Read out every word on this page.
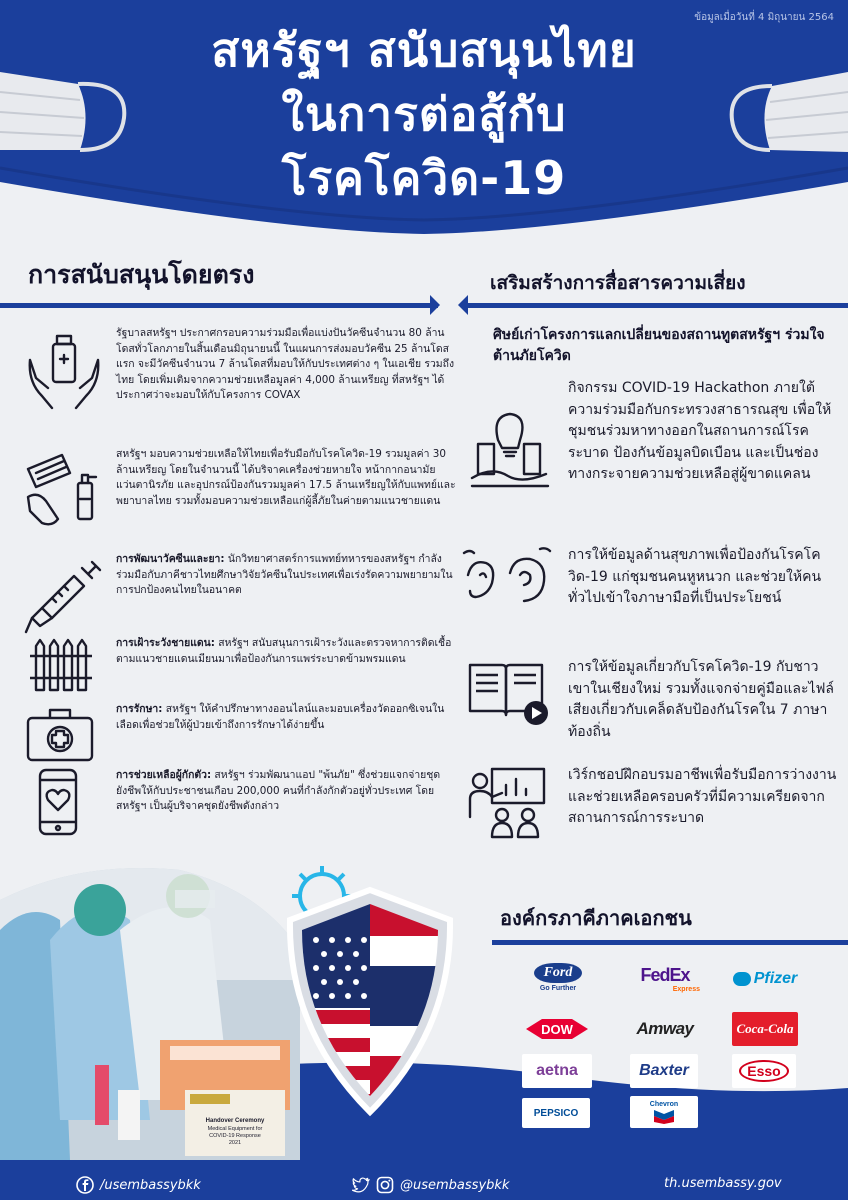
ข้อมูลเมื่อวันที่ 4 มิถุนายน 2564
สหรัฐฯ สนับสนุนไทย
ในการต่อสู้กับ
โรคโควิด-19
การสนับสนุนโดยตรง	เสริมสร้างการสื่อสารความเสี่ยง
รัฐบาลสหรัฐฯ ประกาศกรอบความร่วมมือเพื่อแบ่งปันวัคซีนจำนวน 80 ล้านโดสทั่วโลกภายในสิ้นเดือนมิถุนายนนี้ ในแผนการส่งมอบวัคซีน 25 ล้านโดสแรก จะมีวัคซีนจำนวน 7 ล้านโดสที่มอบให้กับประเทศต่าง ๆ ในเอเชีย รวมถึงไทย โดยเพิ่มเติมจากความช่วยเหลือมูลค่า 4,000 ล้านเหรียญ ที่สหรัฐฯ ได้ประกาศว่าจะมอบให้กับโครงการ COVAX
สหรัฐฯ มอบความช่วยเหลือให้ไทยเพื่อรับมือกับโรคโควิด-19 รวมมูลค่า 30 ล้านเหรียญ โดยในจำนวนนี้ ได้บริจาคเครื่องช่วยหายใจ หน้ากากอนามัย แว่นตานิรภัย และอุปกรณ์ป้องกันรวมมูลค่า 17.5 ล้านเหรียญให้กับแพทย์และพยาบาลไทย รวมทั้งมอบความช่วยเหลือแก่ผู้ลี้ภัยในค่ายตามแนวชายแดน
การพัฒนาวัคซีนและยา: นักวิทยาศาสตร์การแพทย์ทหารของสหรัฐฯ กำลังร่วมมือกับภาคีชาวไทยศึกษาวิจัยวัคซีนในประเทศเพื่อเร่งรัดความพยายามในการปกป้องคนไทยในอนาคต
การเฝ้าระวังชายแดน: สหรัฐฯ สนับสนุนการเฝ้าระวังและตรวจหาการติดเชื้อตามแนวชายแดนเมียนมาเพื่อป้องกันการแพร่ระบาดข้ามพรมแดน
การรักษา: สหรัฐฯ ให้คำปรึกษาทางออนไลน์และมอบเครื่องวัดออกซิเจนในเลือดเพื่อช่วยให้ผู้ป่วยเข้าถึงการรักษาได้ง่ายขึ้น
การช่วยเหลือผู้กักตัว: สหรัฐฯ ร่วมพัฒนาแอป "พ้นภัย" ซึ่งช่วยแจกจ่ายชุดยังชีพให้กับประชาชนเกือบ 200,000 คนที่กำลังกักตัวอยู่ทั่วประเทศ โดยสหรัฐฯ เป็นผู้บริจาคชุดยังชีพดังกล่าว
ศิษย์เก่าโครงการแลกเปลี่ยนของสถานทูตสหรัฐฯ ร่วมใจต้านภัยโควิด
กิจกรรม COVID-19 Hackathon ภายใต้ความร่วมมือกับกระทรวงสาธารณสุข เพื่อให้ชุมชนร่วมหาทางออกในสถานการณ์โรคระบาด ป้องกันข้อมูลบิดเบือน และเป็นช่องทางกระจายความช่วยเหลือสู่ผู้ขาดแคลน
การให้ข้อมูลด้านสุขภาพเพื่อป้องกันโรคโควิด-19 แก่ชุมชนคนหูหนวก และช่วยให้คนทั่วไปเข้าใจภาษามือที่เป็นประโยชน์
การให้ข้อมูลเกี่ยวกับโรคโควิด-19 กับชาวเขาในเชียงใหม่ รวมทั้งแจกจ่ายคู่มือและไฟล์เสียงเกี่ยวกับเคล็ดลับป้องกันโรคใน 7 ภาษาท้องถิ่น
เวิร์กชอปฝึกอบรมอาชีพเพื่อรับมือการว่างงานและช่วยเหลือครอบครัวที่มีความเครียดจากสถานการณ์การระบาด
Handover Ceremony
Medical Equipment for
COVID-19 Response
2021
องค์กรภาคีภาคเอกชน
Ford
Go Further
FedEx
Express
Pfizer
DOW	Amway	Coca-Cola
aetna	Baxter	Esso
PEPSICO
Chevron
/usembassybkk	@usembassybkk	th.usembassy.gov
